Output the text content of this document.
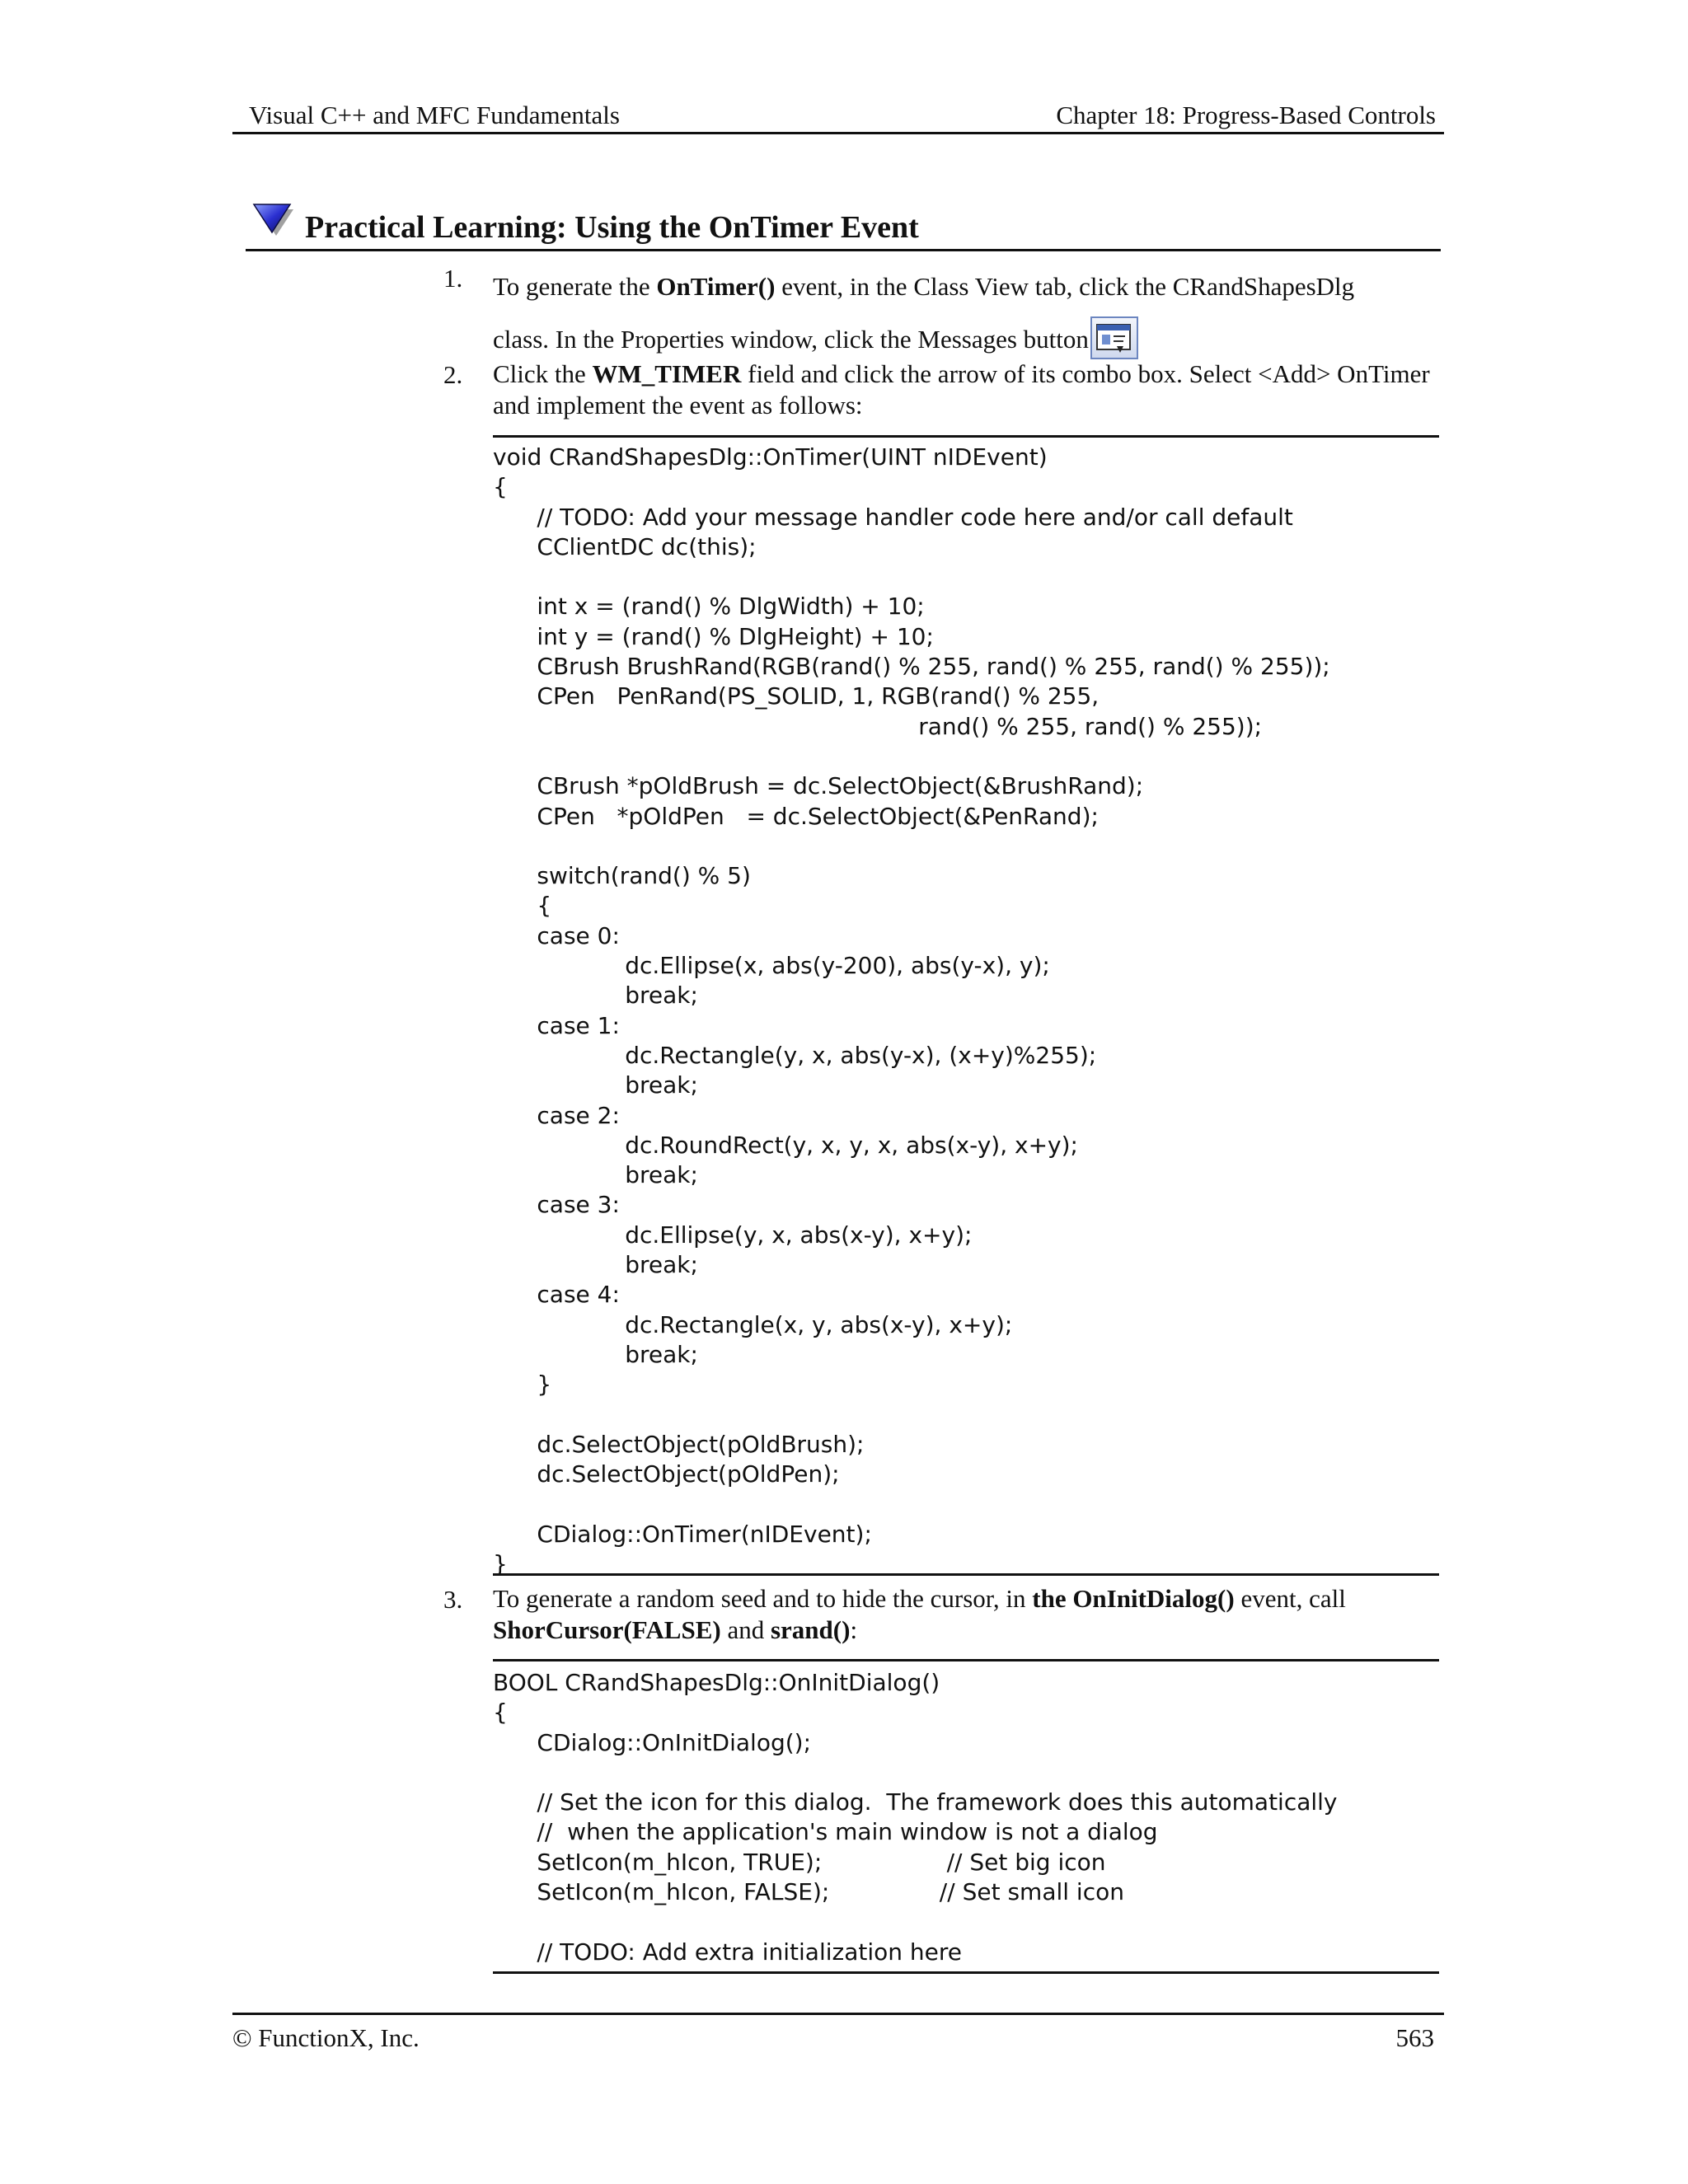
Visual C++ and MFC Fundamentals	Chapter 18: Progress-Based Controls
Practical Learning: Using the OnTimer Event
1. To generate the OnTimer() event, in the Class View tab, click the CRandShapesDlg
class. In the Properties window, click the Messages button
2. Click the WM_TIMER field and click the arrow of its combo box. Select <Add> OnTimer and implement the event as follows:
void CRandShapesDlg::OnTimer(UINT nIDEvent)
{
// TODO: Add your message handler code here and/or call default
CClientDC dc(this);

int x = (rand() % DlgWidth) + 10;
int y = (rand() % DlgHeight) + 10;
CBrush BrushRand(RGB(rand() % 255, rand() % 255, rand() % 255));
CPen   PenRand(PS_SOLID, 1, RGB(rand() % 255,
rand() % 255, rand() % 255));

CBrush *pOldBrush = dc.SelectObject(&BrushRand);
CPen   *pOldPen   = dc.SelectObject(&PenRand);

switch(rand() % 5)
{
case 0:
dc.Ellipse(x, abs(y-200), abs(y-x), y);
break;
case 1:
dc.Rectangle(y, x, abs(y-x), (x+y)%255);
break;
case 2:
dc.RoundRect(y, x, y, x, abs(x-y), x+y);
break;
case 3:
dc.Ellipse(y, x, abs(x-y), x+y);
break;
case 4:
dc.Rectangle(x, y, abs(x-y), x+y);
break;
}

dc.SelectObject(pOldBrush);
dc.SelectObject(pOldPen);

CDialog::OnTimer(nIDEvent);
}
3. To generate a random seed and to hide the cursor, in the OnInitDialog() event, call
ShorCursor(FALSE) and srand():
BOOL CRandShapesDlg::OnInitDialog()
{
CDialog::OnInitDialog();

// Set the icon for this dialog.  The framework does this automatically
//  when the application's main window is not a dialog
SetIcon(m_hIcon, TRUE);                 // Set big icon
SetIcon(m_hIcon, FALSE);               // Set small icon

// TODO: Add extra initialization here
© FunctionX, Inc.	563
